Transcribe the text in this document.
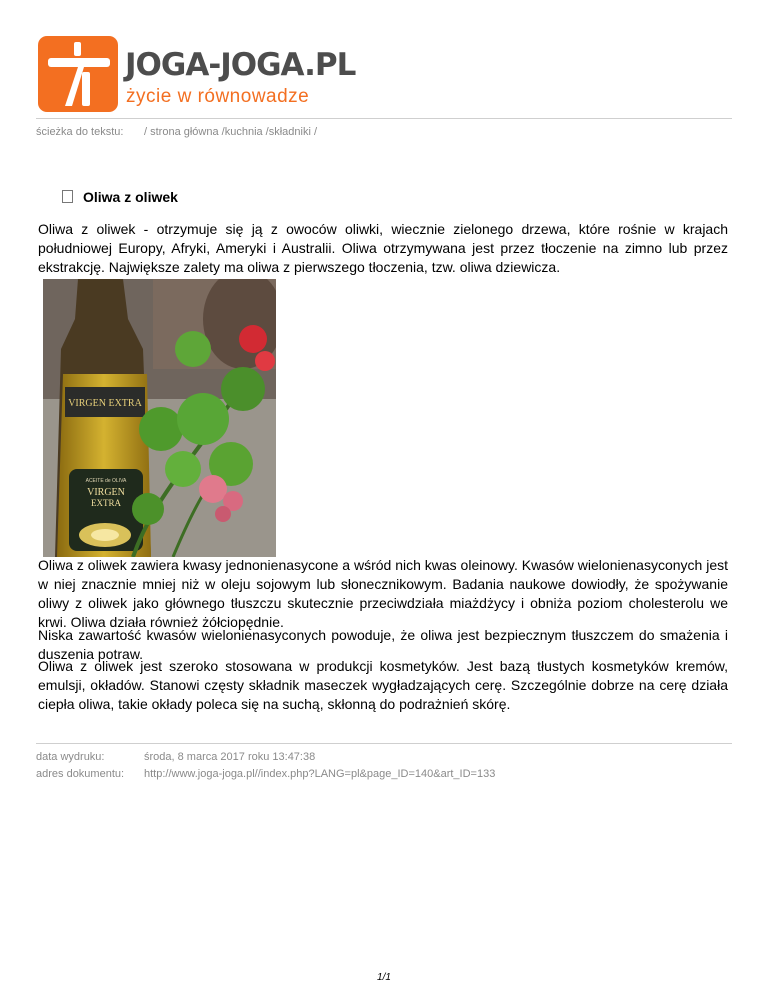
JOGA-JOGA.PL
życie w równowadze
ścieżka do tekstu: / strona główna /kuchnia /składniki /
Oliwa z oliwek

Oliwa z oliwek - otrzymuje się ją z owoców oliwki, wiecznie zielonego drzewa, które rośnie w krajach południowej Europy, Afryki, Ameryki i Australii. Oliwa otrzymywana jest przez tłoczenie na zimno lub przez ekstrakcję. Największe zalety ma oliwa z pierwszego tłoczenia, tzw. oliwa dziewicza.

VIRGEN EXTRA
ACEITE de OLIVA
VIRGEN
EXTRA

Oliwa z oliwek zawiera kwasy jednonienasycone a wśród nich kwas oleinowy. Kwasów wielonienasyconych jest w niej znacznie mniej niż w oleju sojowym lub słonecznikowym. Badania naukowe dowiodły, że spożywanie oliwy z oliwek jako głównego tłuszczu skutecznie przeciwdziała miażdżycy i obniża poziom cholesterolu we krwi. Oliwa działa również żółciopędnie.

Niska zawartość kwasów wielonienasyconych powoduje, że oliwa jest bezpiecznym tłuszczem do smażenia i duszenia potraw.

Oliwa z oliwek jest szeroko stosowana w produkcji kosmetyków. Jest bazą tłustych kosmetyków kremów, emulsji, okładów. Stanowi częsty składnik maseczek wygładzających cerę. Szczególnie dobrze na cerę działa ciepła oliwa, takie okłady poleca się na suchą, skłonną do podrażnień skórę.

data wydruku:	środa, 8 marca 2017 roku 13:47:38
adres dokumentu: http://www.joga-joga.pl//index.php?LANG=pl&page_ID=140&art_ID=133
1/1
